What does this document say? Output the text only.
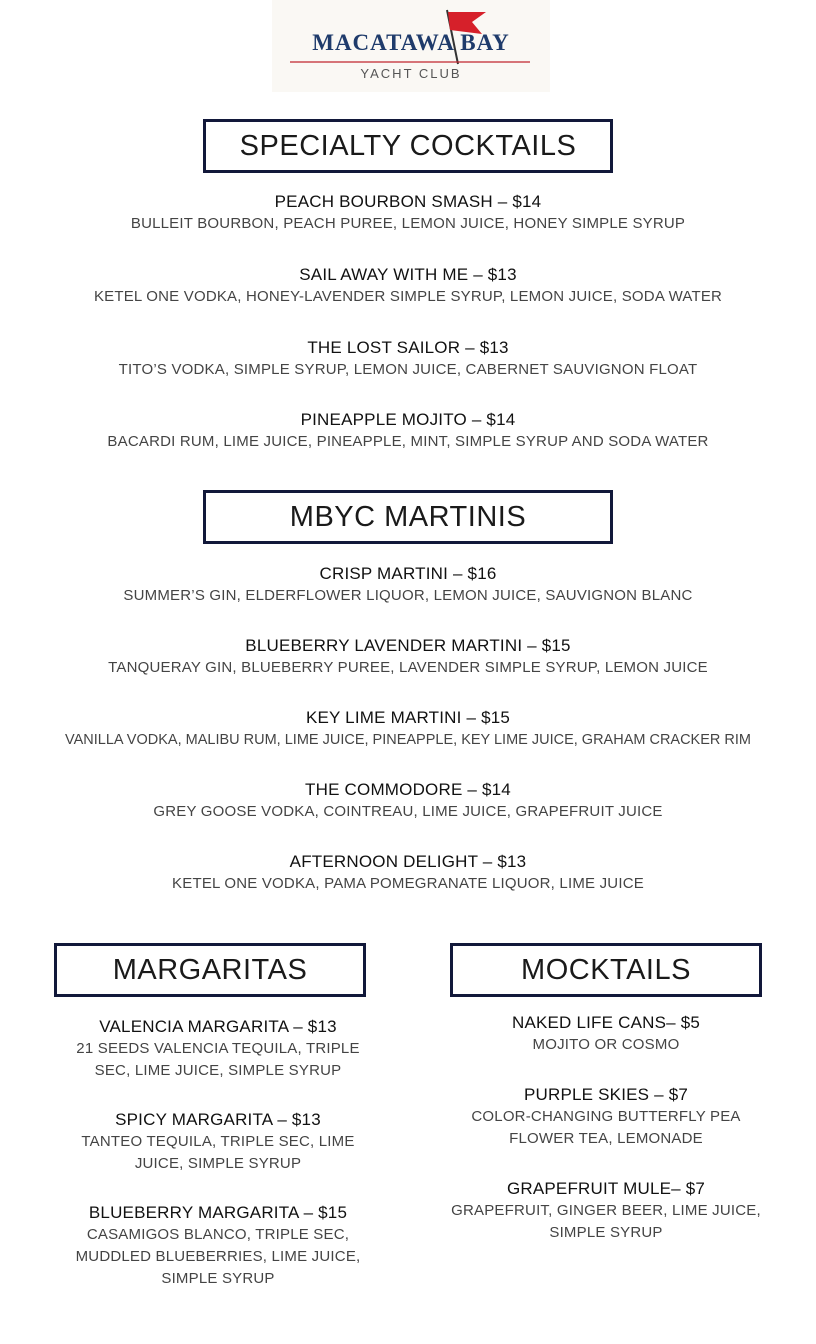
MACATAWA BAY
YACHT CLUB
SPECIALTY COCKTAILS
PEACH BOURBON SMASH – $14
BULLEIT BOURBON, PEACH PUREE, LEMON JUICE, HONEY SIMPLE SYRUP
SAIL AWAY WITH ME – $13
KETEL ONE VODKA, HONEY-LAVENDER SIMPLE SYRUP, LEMON JUICE, SODA WATER
THE LOST SAILOR – $13
TITO’S VODKA, SIMPLE SYRUP, LEMON JUICE, CABERNET SAUVIGNON FLOAT
PINEAPPLE MOJITO – $14
BACARDI RUM, LIME JUICE, PINEAPPLE, MINT, SIMPLE SYRUP AND SODA WATER
MBYC MARTINIS
CRISP MARTINI – $16
SUMMER’S GIN, ELDERFLOWER LIQUOR, LEMON JUICE, SAUVIGNON BLANC
BLUEBERRY LAVENDER MARTINI – $15
TANQUERAY GIN, BLUEBERRY PUREE, LAVENDER SIMPLE SYRUP, LEMON JUICE
KEY LIME MARTINI – $15
VANILLA VODKA, MALIBU RUM, LIME JUICE, PINEAPPLE, KEY LIME JUICE, GRAHAM CRACKER RIM
THE COMMODORE – $14
GREY GOOSE VODKA, COINTREAU, LIME JUICE, GRAPEFRUIT JUICE
AFTERNOON DELIGHT – $13
KETEL ONE VODKA, PAMA POMEGRANATE LIQUOR, LIME JUICE
MARGARITAS
VALENCIA MARGARITA – $13
21 SEEDS VALENCIA TEQUILA, TRIPLE
SEC, LIME JUICE, SIMPLE SYRUP
SPICY MARGARITA – $13
TANTEO TEQUILA, TRIPLE SEC, LIME
JUICE, SIMPLE SYRUP
BLUEBERRY MARGARITA – $15
CASAMIGOS BLANCO, TRIPLE SEC,
MUDDLED BLUEBERRIES, LIME JUICE,
SIMPLE SYRUP
MOCKTAILS
NAKED LIFE CANS– $5
MOJITO OR COSMO
PURPLE SKIES – $7
COLOR-CHANGING BUTTERFLY PEA
FLOWER TEA, LEMONADE
GRAPEFRUIT MULE– $7
GRAPEFRUIT, GINGER BEER, LIME JUICE,
SIMPLE SYRUP
